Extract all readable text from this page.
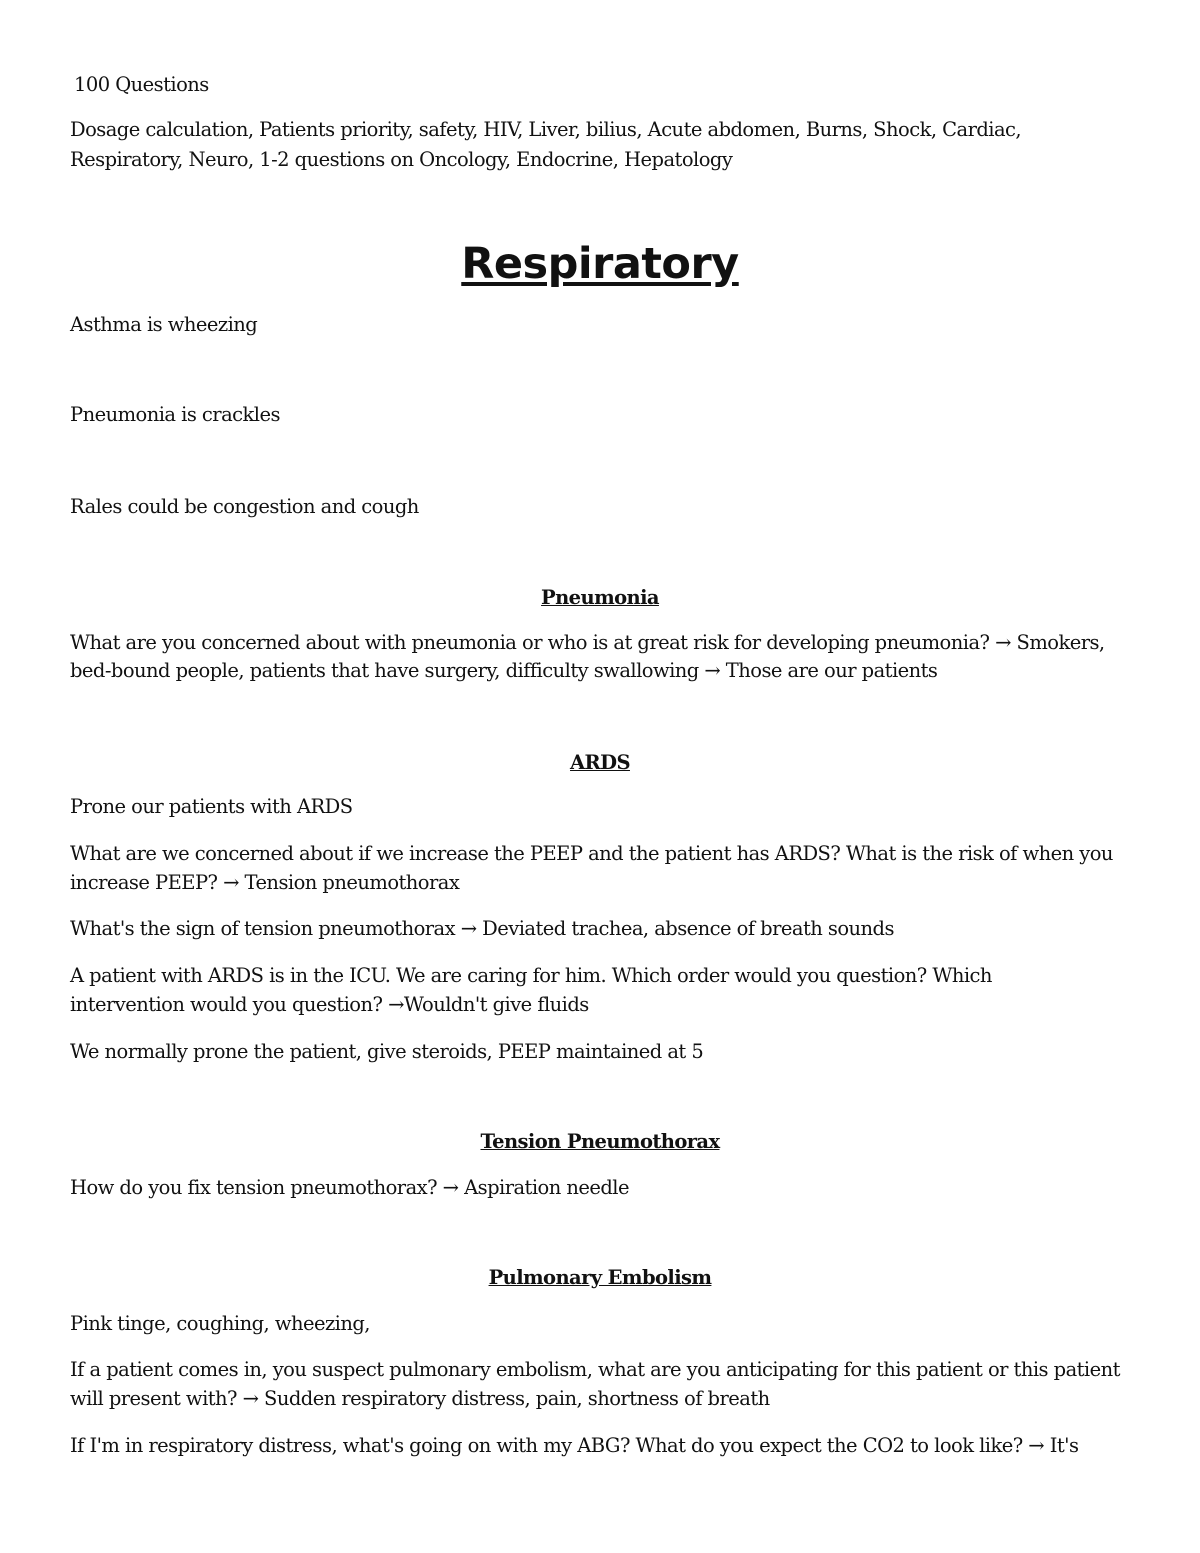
100 Questions
Dosage calculation, Patients priority, safety, HIV, Liver, bilius, Acute abdomen, Burns, Shock, Cardiac,
Respiratory, Neuro, 1-2 questions on Oncology, Endocrine, Hepatology
Respiratory
Asthma is wheezing
Pneumonia is crackles
Rales could be congestion and cough
Pneumonia
What are you concerned about with pneumonia or who is at great risk for developing pneumonia? → Smokers,
bed-bound people, patients that have surgery, difficulty swallowing → Those are our patients
ARDS
Prone our patients with ARDS
What are we concerned about if we increase the PEEP and the patient has ARDS? What is the risk of when you
increase PEEP? → Tension pneumothorax
What's the sign of tension pneumothorax → Deviated trachea, absence of breath sounds
A patient with ARDS is in the ICU. We are caring for him. Which order would you question? Which
intervention would you question? →Wouldn't give fluids
We normally prone the patient, give steroids, PEEP maintained at 5
Tension Pneumothorax
How do you fix tension pneumothorax? → Aspiration needle
Pulmonary Embolism
Pink tinge, coughing, wheezing,
If a patient comes in, you suspect pulmonary embolism, what are you anticipating for this patient or this patient
will present with? → Sudden respiratory distress, pain, shortness of breath
If I'm in respiratory distress, what's going on with my ABG? What do you expect the CO2 to look like? → It's
